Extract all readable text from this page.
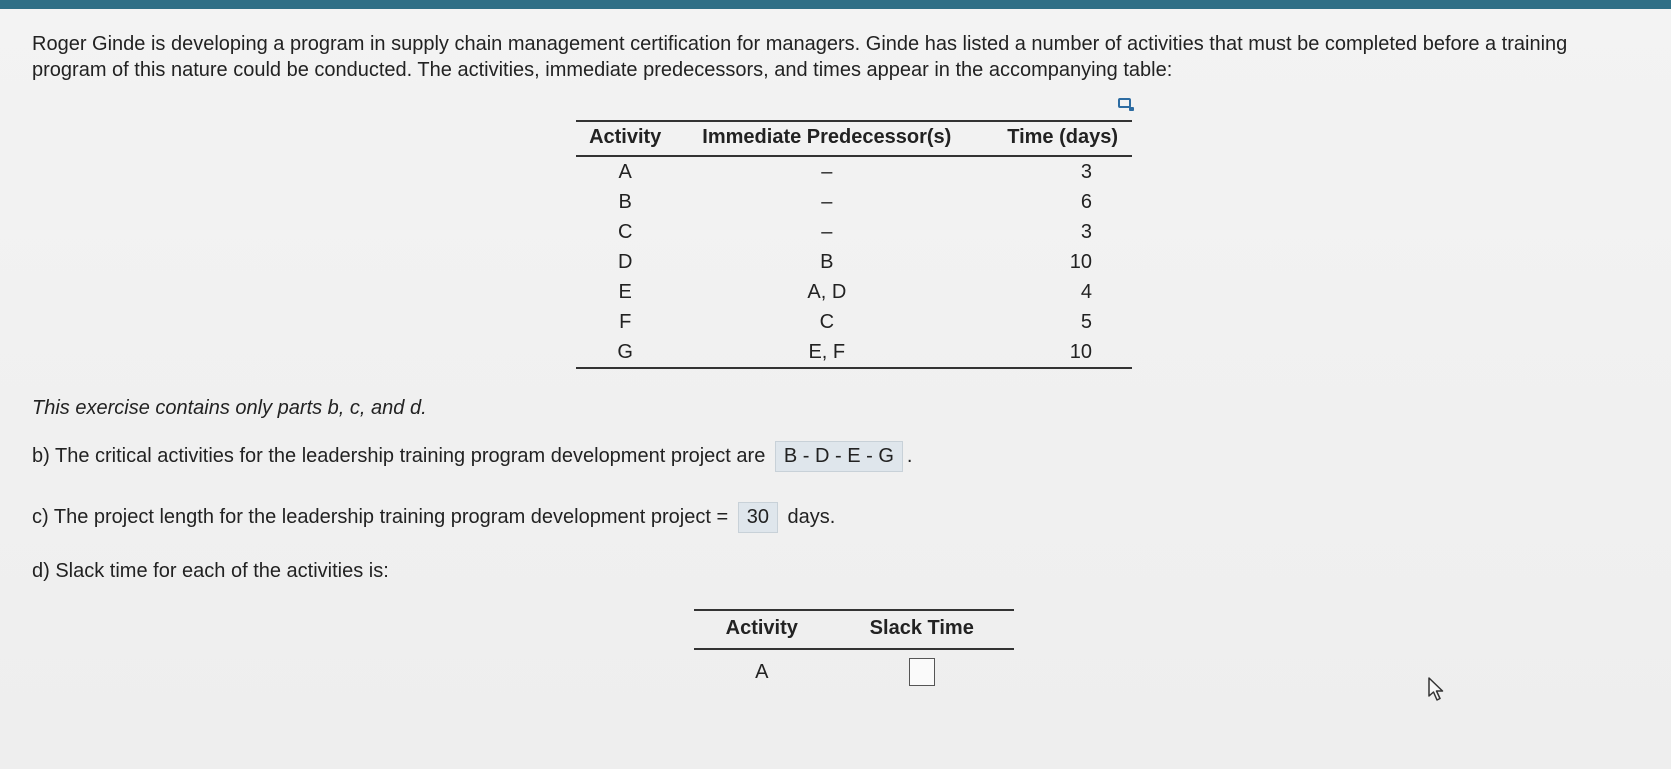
Roger Ginde is developing a program in supply chain management certification for managers. Ginde has listed a number of activities that must be completed before a training program of this nature could be conducted. The activities, immediate predecessors, and times appear in the accompanying table:
Activity	Immediate Predecessor(s)	Time (days)
A	–	3
B	–	6
C	–	3
D	B	10
E	A, D	4
F	C	5
G	E, F	10
This exercise contains only parts b, c, and d.
b) The critical activities for the leadership training program development project are B - D - E - G .
c) The project length for the leadership training program development project = 30 days.
d) Slack time for each of the activities is:
Activity	Slack Time
A	
